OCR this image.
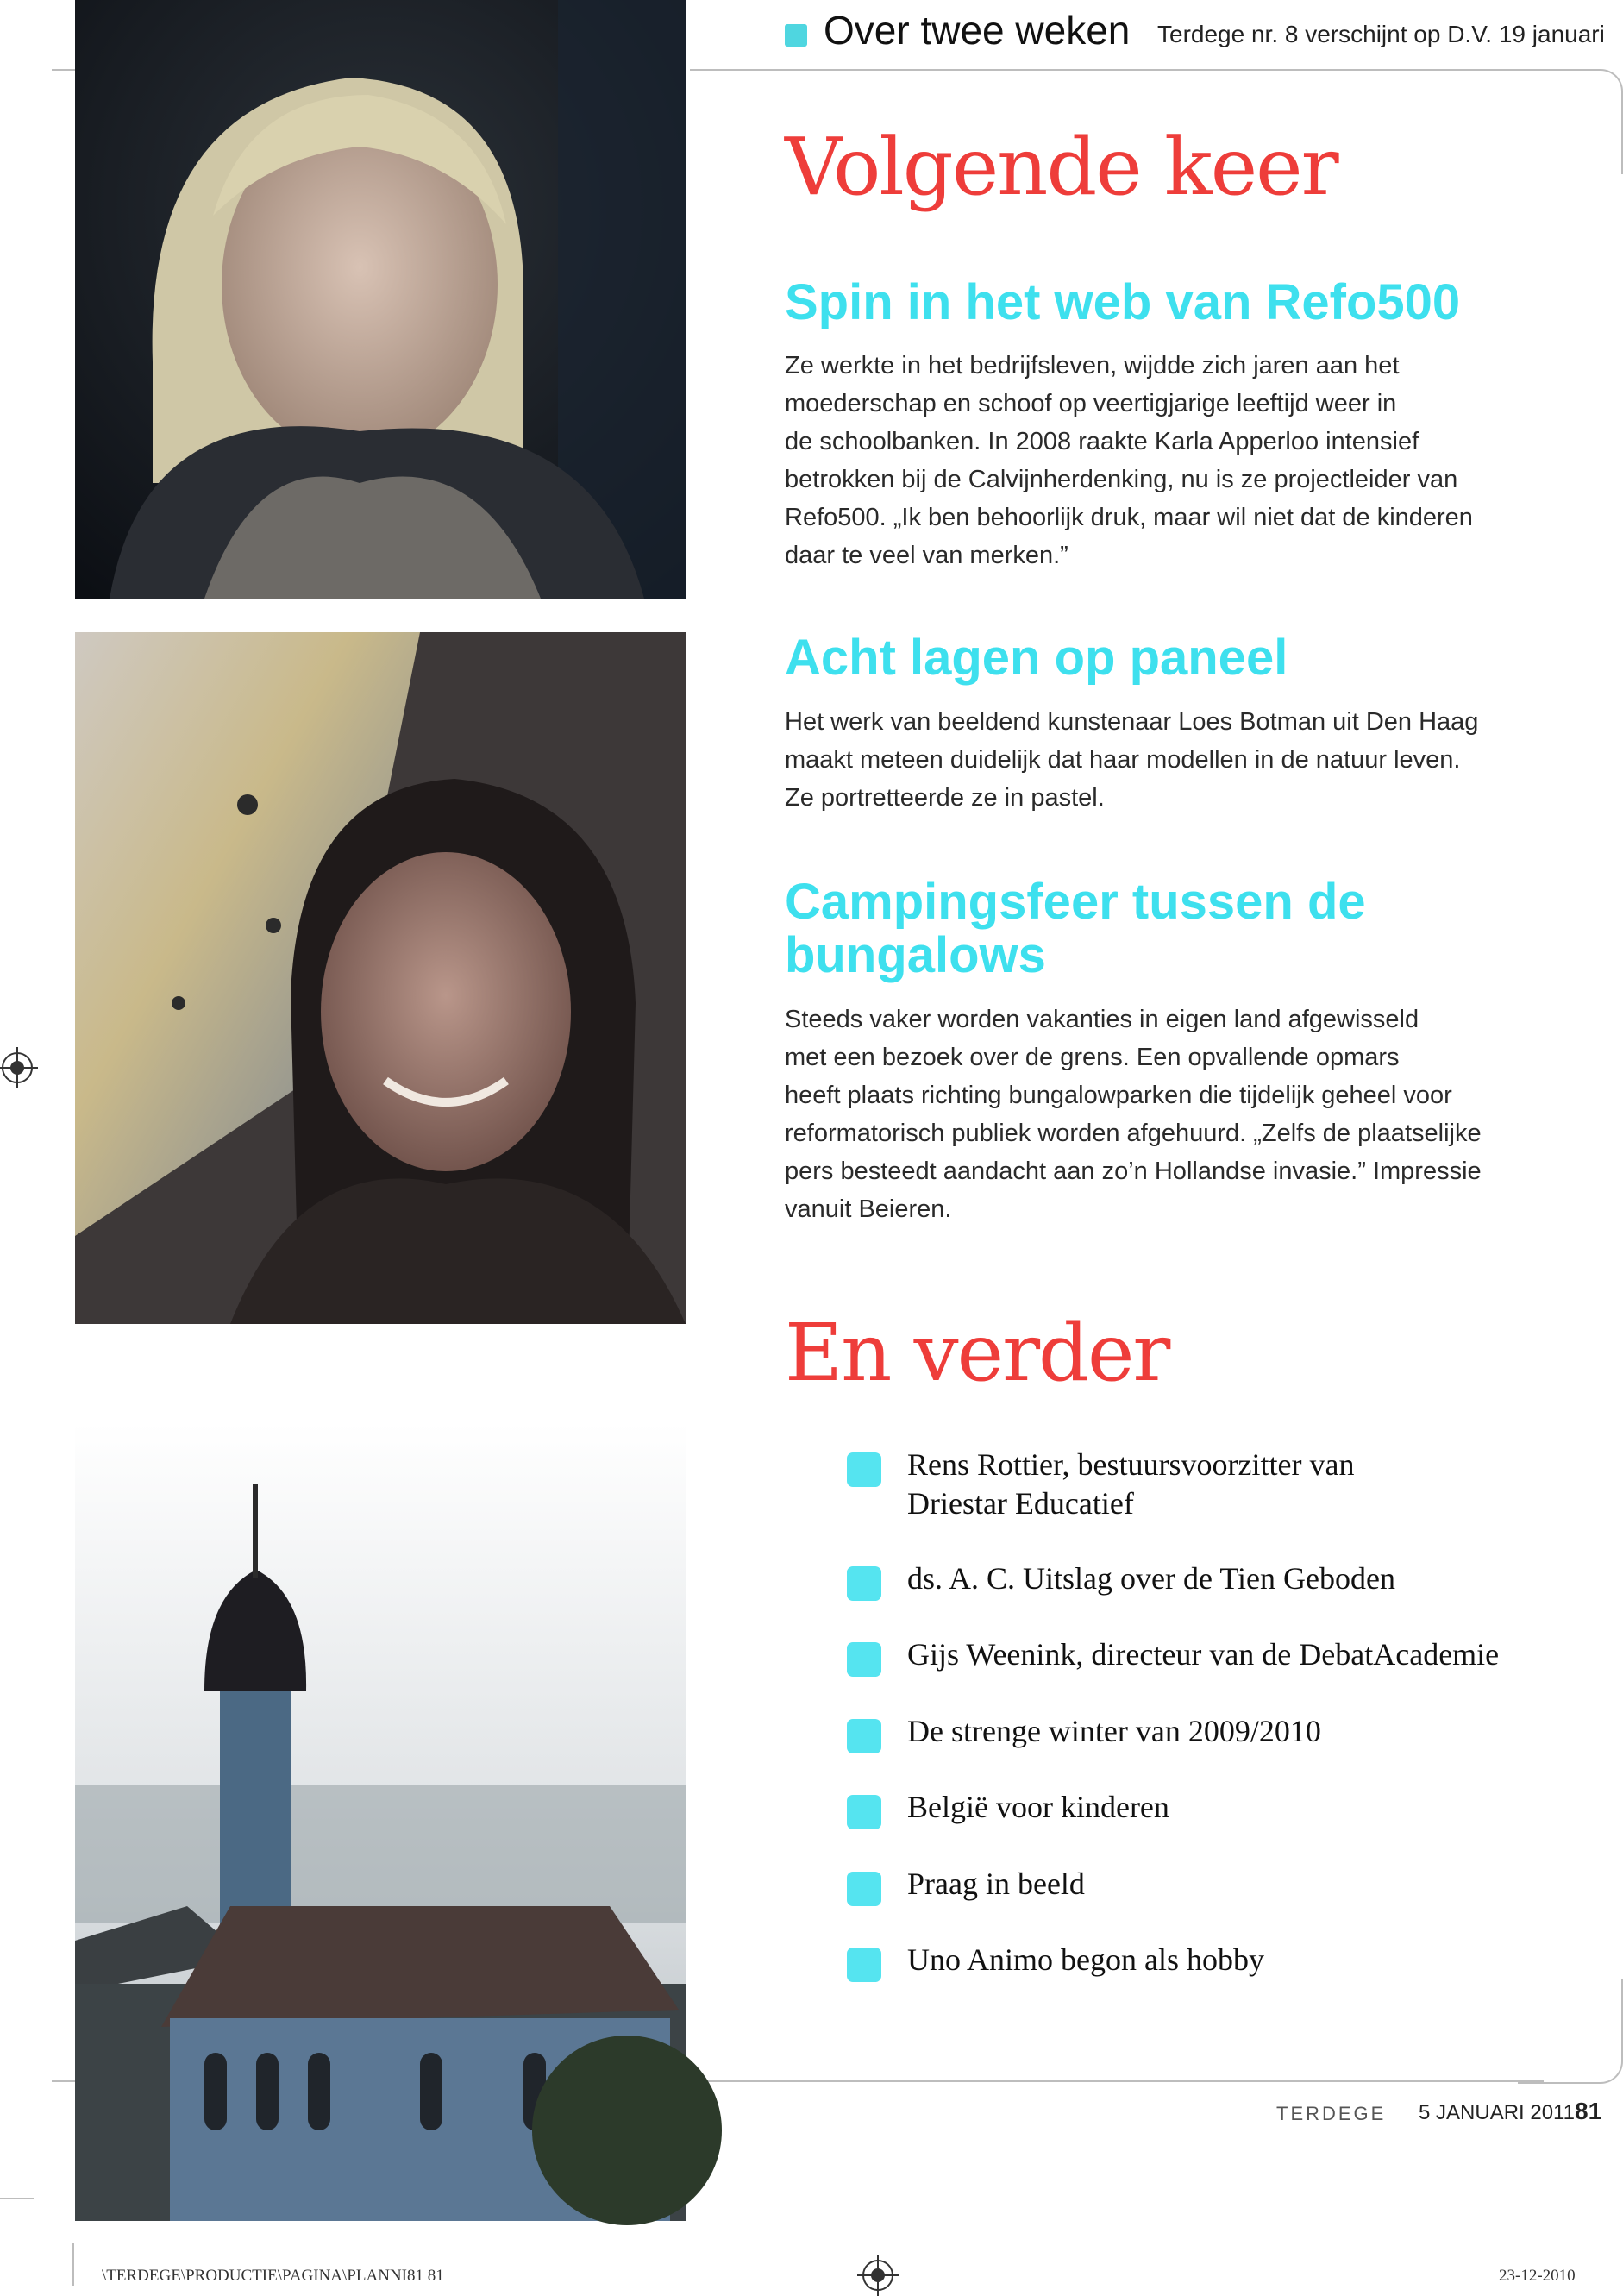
Over twee weken Terdege nr. 8 verschijnt op D.V. 19 januari
Volgende keer
Spin in het web van Refo500

Ze werkte in het bedrijfsleven, wijdde zich jaren aan het

moederschap en schoof op veertigjarige leeftijd weer in

de schoolbanken. In 2008 raakte Karla Apperloo intensief

betrokken bij de Calvijnherdenking, nu is ze projectleider van

Refo500. „Ik ben behoorlijk druk, maar wil niet dat de kinderen

daar te veel van merken.”

Acht lagen op paneel

Het werk van beeldend kunstenaar Loes Botman uit Den Haag

maakt meteen duidelijk dat haar modellen in de natuur leven.

Ze portretteerde ze in pastel.

Campingsfeer tussen de
bungalows

Steeds vaker worden vakanties in eigen land afgewisseld

met een bezoek over de grens. Een opvallende opmars

heeft plaats richting bungalowparken die tijdelijk geheel voor

reformatorisch publiek worden afgehuurd. „Zelfs de plaatselijke

pers besteedt aandacht aan zo’n Hollandse invasie.” Impressie

vanuit Beieren.

En verder
Rens Rottier, bestuursvoorzitter van
Driestar Educatief
ds. A. C. Uitslag over de Tien Geboden
Gijs Weenink, directeur van de DebatAcademie
De strenge winter van 2009/2010
België voor kinderen
Praag in beeld
Uno Animo begon als hobby
TERDEGE 5 JANUARI 2011 81
\TERDEGE\PRODUCTIE\PAGINA\PLANNI81 81	23-12-2010
